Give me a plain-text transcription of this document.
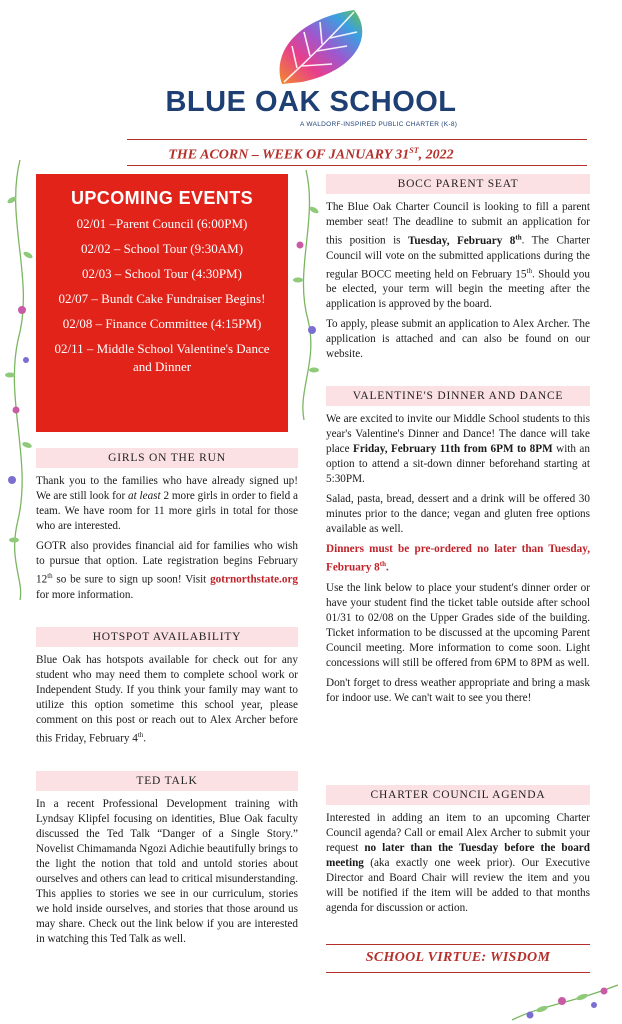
BLUE OAK SCHOOL
A WALDORF-INSPIRED PUBLIC CHARTER (K-8)
THE ACORN – WEEK OF JANUARY 31ST, 2022
UPCOMING EVENTS
02/01 –Parent Council (6:00PM)
02/02 – School Tour (9:30AM)
02/03 – School Tour (4:30PM)
02/07 – Bundt Cake Fundraiser Begins!
02/08 – Finance Committee (4:15PM)
02/11 – Middle School Valentine's Dance and Dinner
GIRLS ON THE RUN

Thank you to the families who have already signed up! We are still look for at least 2 more girls in order to field a team. We have room for 11 more girls in total for those who are interested.

GOTR also provides financial aid for families who wish to pursue that option. Late registration begins February 12th so be sure to sign up soon! Visit gotrnorthstate.org for more information.

HOTSPOT AVAILABILITY

Blue Oak has hotspots available for check out for any student who may need them to complete school work or Independent Study. If you think your family may want to utilize this option sometime this school year, please comment on this post or reach out to Alex Archer before this Friday, February 4th.

TED TALK

In a recent Professional Development training with Lyndsay Klipfel focusing on identities, Blue Oak faculty discussed the Ted Talk “Danger of a Single Story.” Novelist Chimamanda Ngozi Adichie beautifully brings to the light the notion that told and untold stories about ourselves and others can lead to critical misunderstanding. This applies to stories we see in our curriculum, stories we hold inside ourselves, and stories that those around us may share. Check out the link below if you are interested in watching this Ted Talk as well.

BOCC PARENT SEAT

The Blue Oak Charter Council is looking to fill a parent member seat! The deadline to submit an application for this position is Tuesday, February 8th. The Charter Council will vote on the submitted applications during the regular BOCC meeting held on February 15th. Should you be elected, your term will begin the meeting after the application is approved by the board.

To apply, please submit an application to Alex Archer. The application is attached and can also be found on our website.

VALENTINE'S DINNER AND DANCE

We are excited to invite our Middle School students to this year's Valentine's Dinner and Dance! The dance will take place Friday, February 11th from 6PM to 8PM with an option to attend a sit-down dinner beforehand starting at 5:30PM.

Salad, pasta, bread, dessert and a drink will be offered 30 minutes prior to the dance; vegan and gluten free options available as well.

Dinners must be pre-ordered no later than Tuesday, February 8th.

Use the link below to place your student's dinner order or have your student find the ticket table outside after school 01/31 to 02/08 on the Upper Grades side of the building. Ticket information to be discussed at the upcoming Parent Council meeting. More information to come soon. Light concessions will still be offered from 6PM to 8PM as well.

Don't forget to dress weather appropriate and bring a mask for indoor use. We can't wait to see you there!

CHARTER COUNCIL AGENDA

Interested in adding an item to an upcoming Charter Council agenda? Call or email Alex Archer to submit your request no later than the Tuesday before the board meeting (aka exactly one week prior). Our Executive Director and Board Chair will review the item and you will be notified if the item will be added to that months agenda for discussion or action.

SCHOOL VIRTUE: WISDOM
